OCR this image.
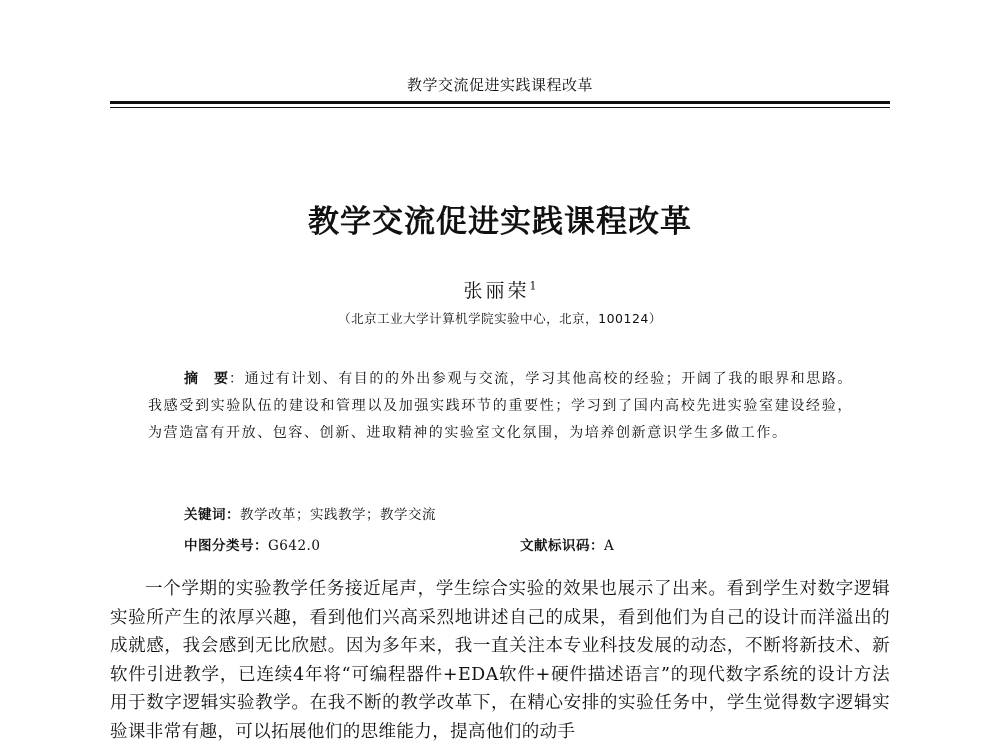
教学交流促进实践课程改革
教学交流促进实践课程改革
张丽荣$^1$
（北京工业大学计算机学院实验中心，北京，100124）
摘　要：通过有计划、有目的的外出参观与交流，学习其他高校的经验；开阔了我的眼界和思路。我感受到实验队伍的建设和管理以及加强实践环节的重要性；学习到了国内高校先进实验室建设经验，为营造富有开放、包容、创新、进取精神的实验室文化氛围，为培养创新意识学生多做工作。
关键词：教学改革；实践教学；教学交流
中图分类号：G642.0	文献标识码：A
一个学期的实验教学任务接近尾声，学生综合实验的效果也展示了出来。看到学生对数字逻辑实验所产生的浓厚兴趣，看到他们兴高采烈地讲述自己的成果，看到他们为自己的设计而洋溢出的成就感，我会感到无比欣慰。因为多年来，我一直关注本专业科技发展的动态，不断将新技术、新软件引进教学，已连续4年将“可编程器件+EDA软件+硬件描述语言”的现代数字系统的设计方法用于数字逻辑实验教学。在我不断的教学改革下，在精心安排的实验任务中，学生觉得数字逻辑实验课非常有趣，可以拓展他们的思维能力，提高他们的动手
